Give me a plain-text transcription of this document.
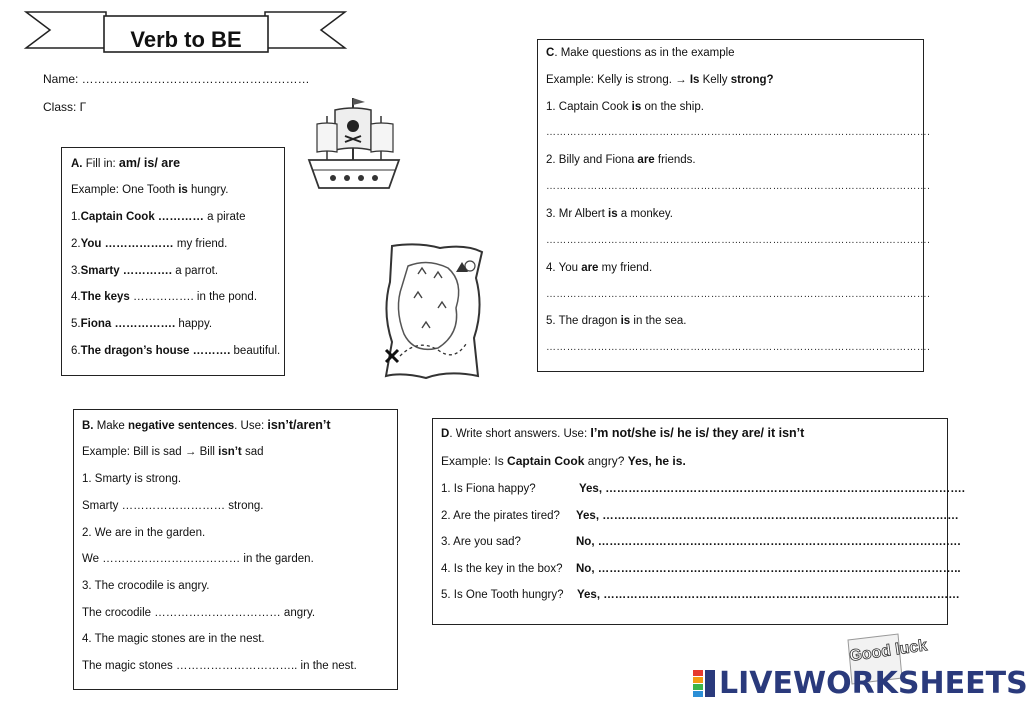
Verb to BE
Name: …………………………………………………
Class: Γ
A. Fill in: am/ is/ are
Example: One Tooth is hungry.
1.Captain Cook ………… a pirate
2.You ……………… my friend.
3.Smarty …………. a parrot.
4.The keys ……………. in the pond.
5.Fiona ……………. happy.
6.The dragon’s house ………. beautiful.
B. Make negative sentences. Use: isn’t/aren’t
Example: Bill is sad → Bill isn’t sad
1. Smarty is strong.
Smarty ……………………… strong.
2. We are in the garden.
We ……………………………… in the garden.
3. The crocodile is angry.
The crocodile …………………………… angry.
4. The magic stones are in the nest.
The magic stones ………………………….. in the nest.
C. Make questions as in the example
Example: Kelly is strong. → Is Kelly strong?
1. Captain Cook is on the ship.
………………………………………………………………………………………………….
2. Billy and Fiona are friends.
………………………………………………………………………………………………….
3. Mr Albert is a monkey.
………………………………………………………………………………………………….
4. You are my friend.
………………………………………………………………………………………………….
5. The dragon is in the sea.
………………………………………………………………………………………………….
D. Write short answers. Use: I’m not/she is/ he is/ they are/ it isn’t
Example: Is Captain Cook angry? Yes, he is.
1. Is Fiona happy?	Yes, ………………………………………………………………………………….
2. Are the pirates tired? Yes, …………………………………………………………………………………
3. Are you sad?	No, ……………………………………………………………………………….….
4. Is the key in the box? No, …………………………………………………………………………………..
5. Is One Tooth hungry? Yes, …………………………………………………………………………………
Good luck
LIVEWORKSHEETS
